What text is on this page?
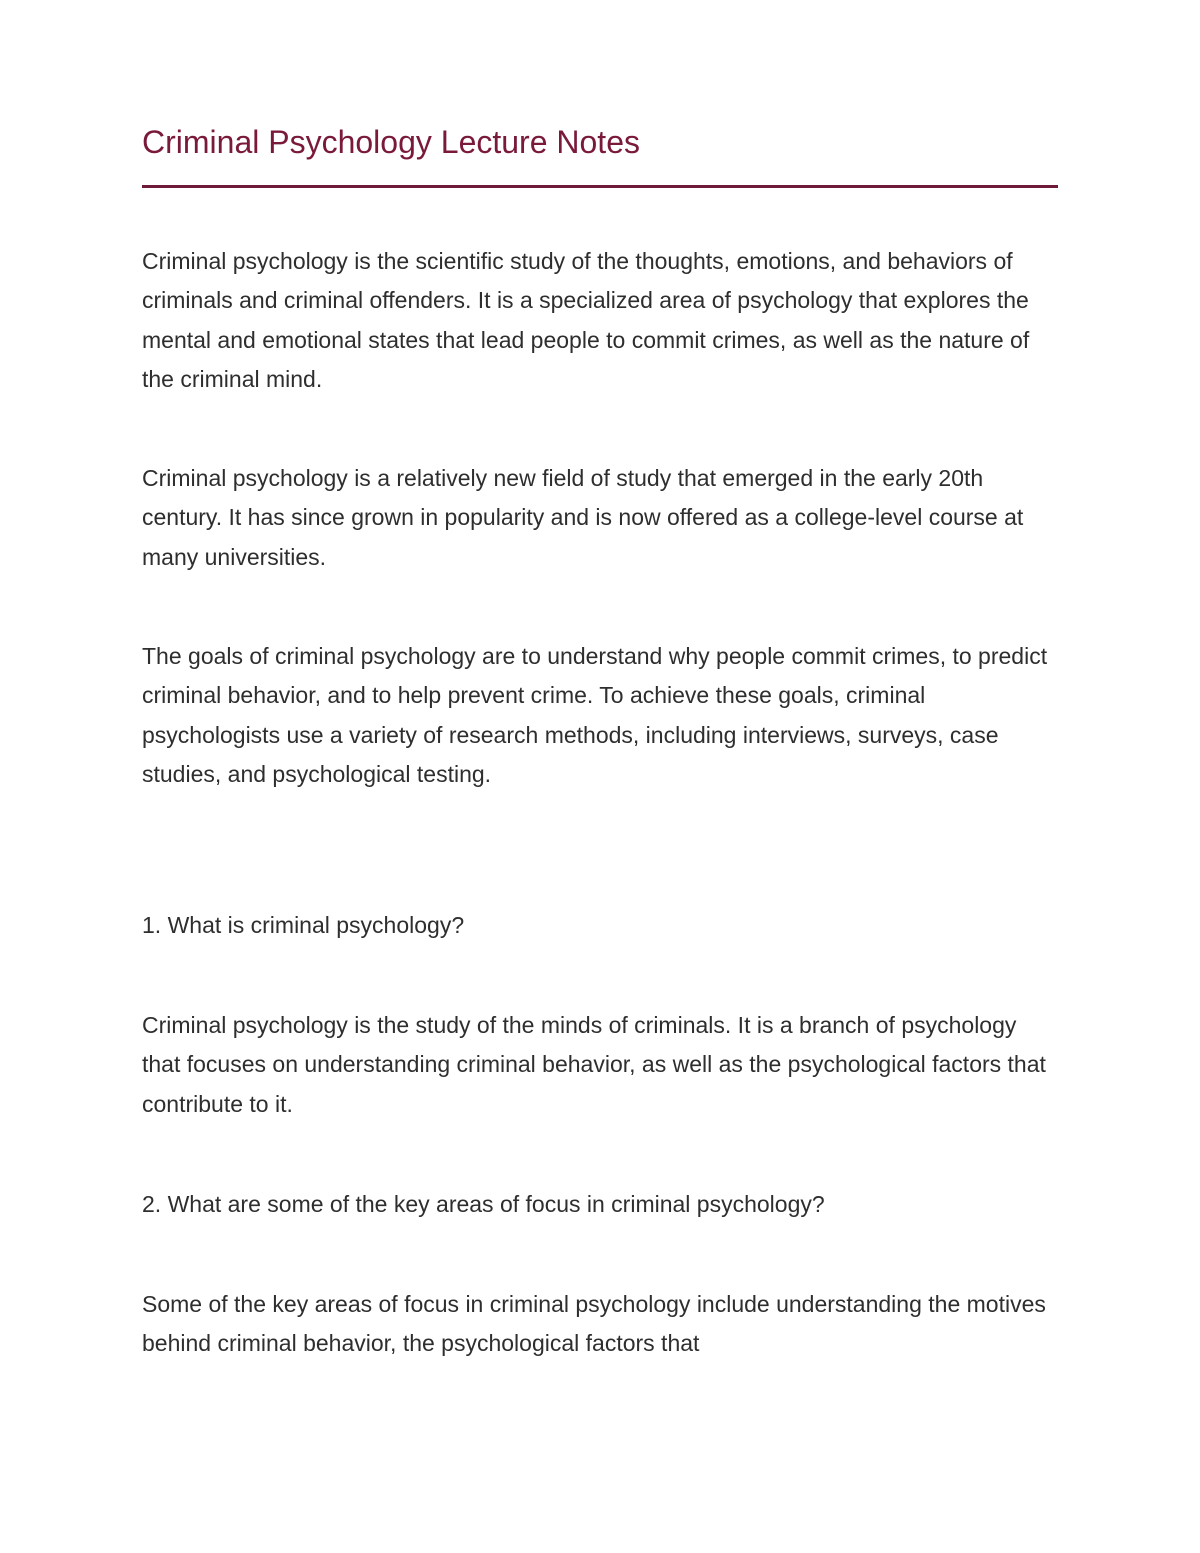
Criminal Psychology Lecture Notes

Criminal psychology is the scientific study of the thoughts, emotions, and behaviors of criminals and criminal offenders. It is a specialized area of psychology that explores the mental and emotional states that lead people to commit crimes, as well as the nature of the criminal mind.

Criminal psychology is a relatively new field of study that emerged in the early 20th century. It has since grown in popularity and is now offered as a college-level course at many universities.

The goals of criminal psychology are to understand why people commit crimes, to predict criminal behavior, and to help prevent crime. To achieve these goals, criminal psychologists use a variety of research methods, including interviews, surveys, case studies, and psychological testing.

1. What is criminal psychology?

Criminal psychology is the study of the minds of criminals. It is a branch of psychology that focuses on understanding criminal behavior, as well as the psychological factors that contribute to it.

2. What are some of the key areas of focus in criminal psychology?

Some of the key areas of focus in criminal psychology include understanding the motives behind criminal behavior, the psychological factors that
